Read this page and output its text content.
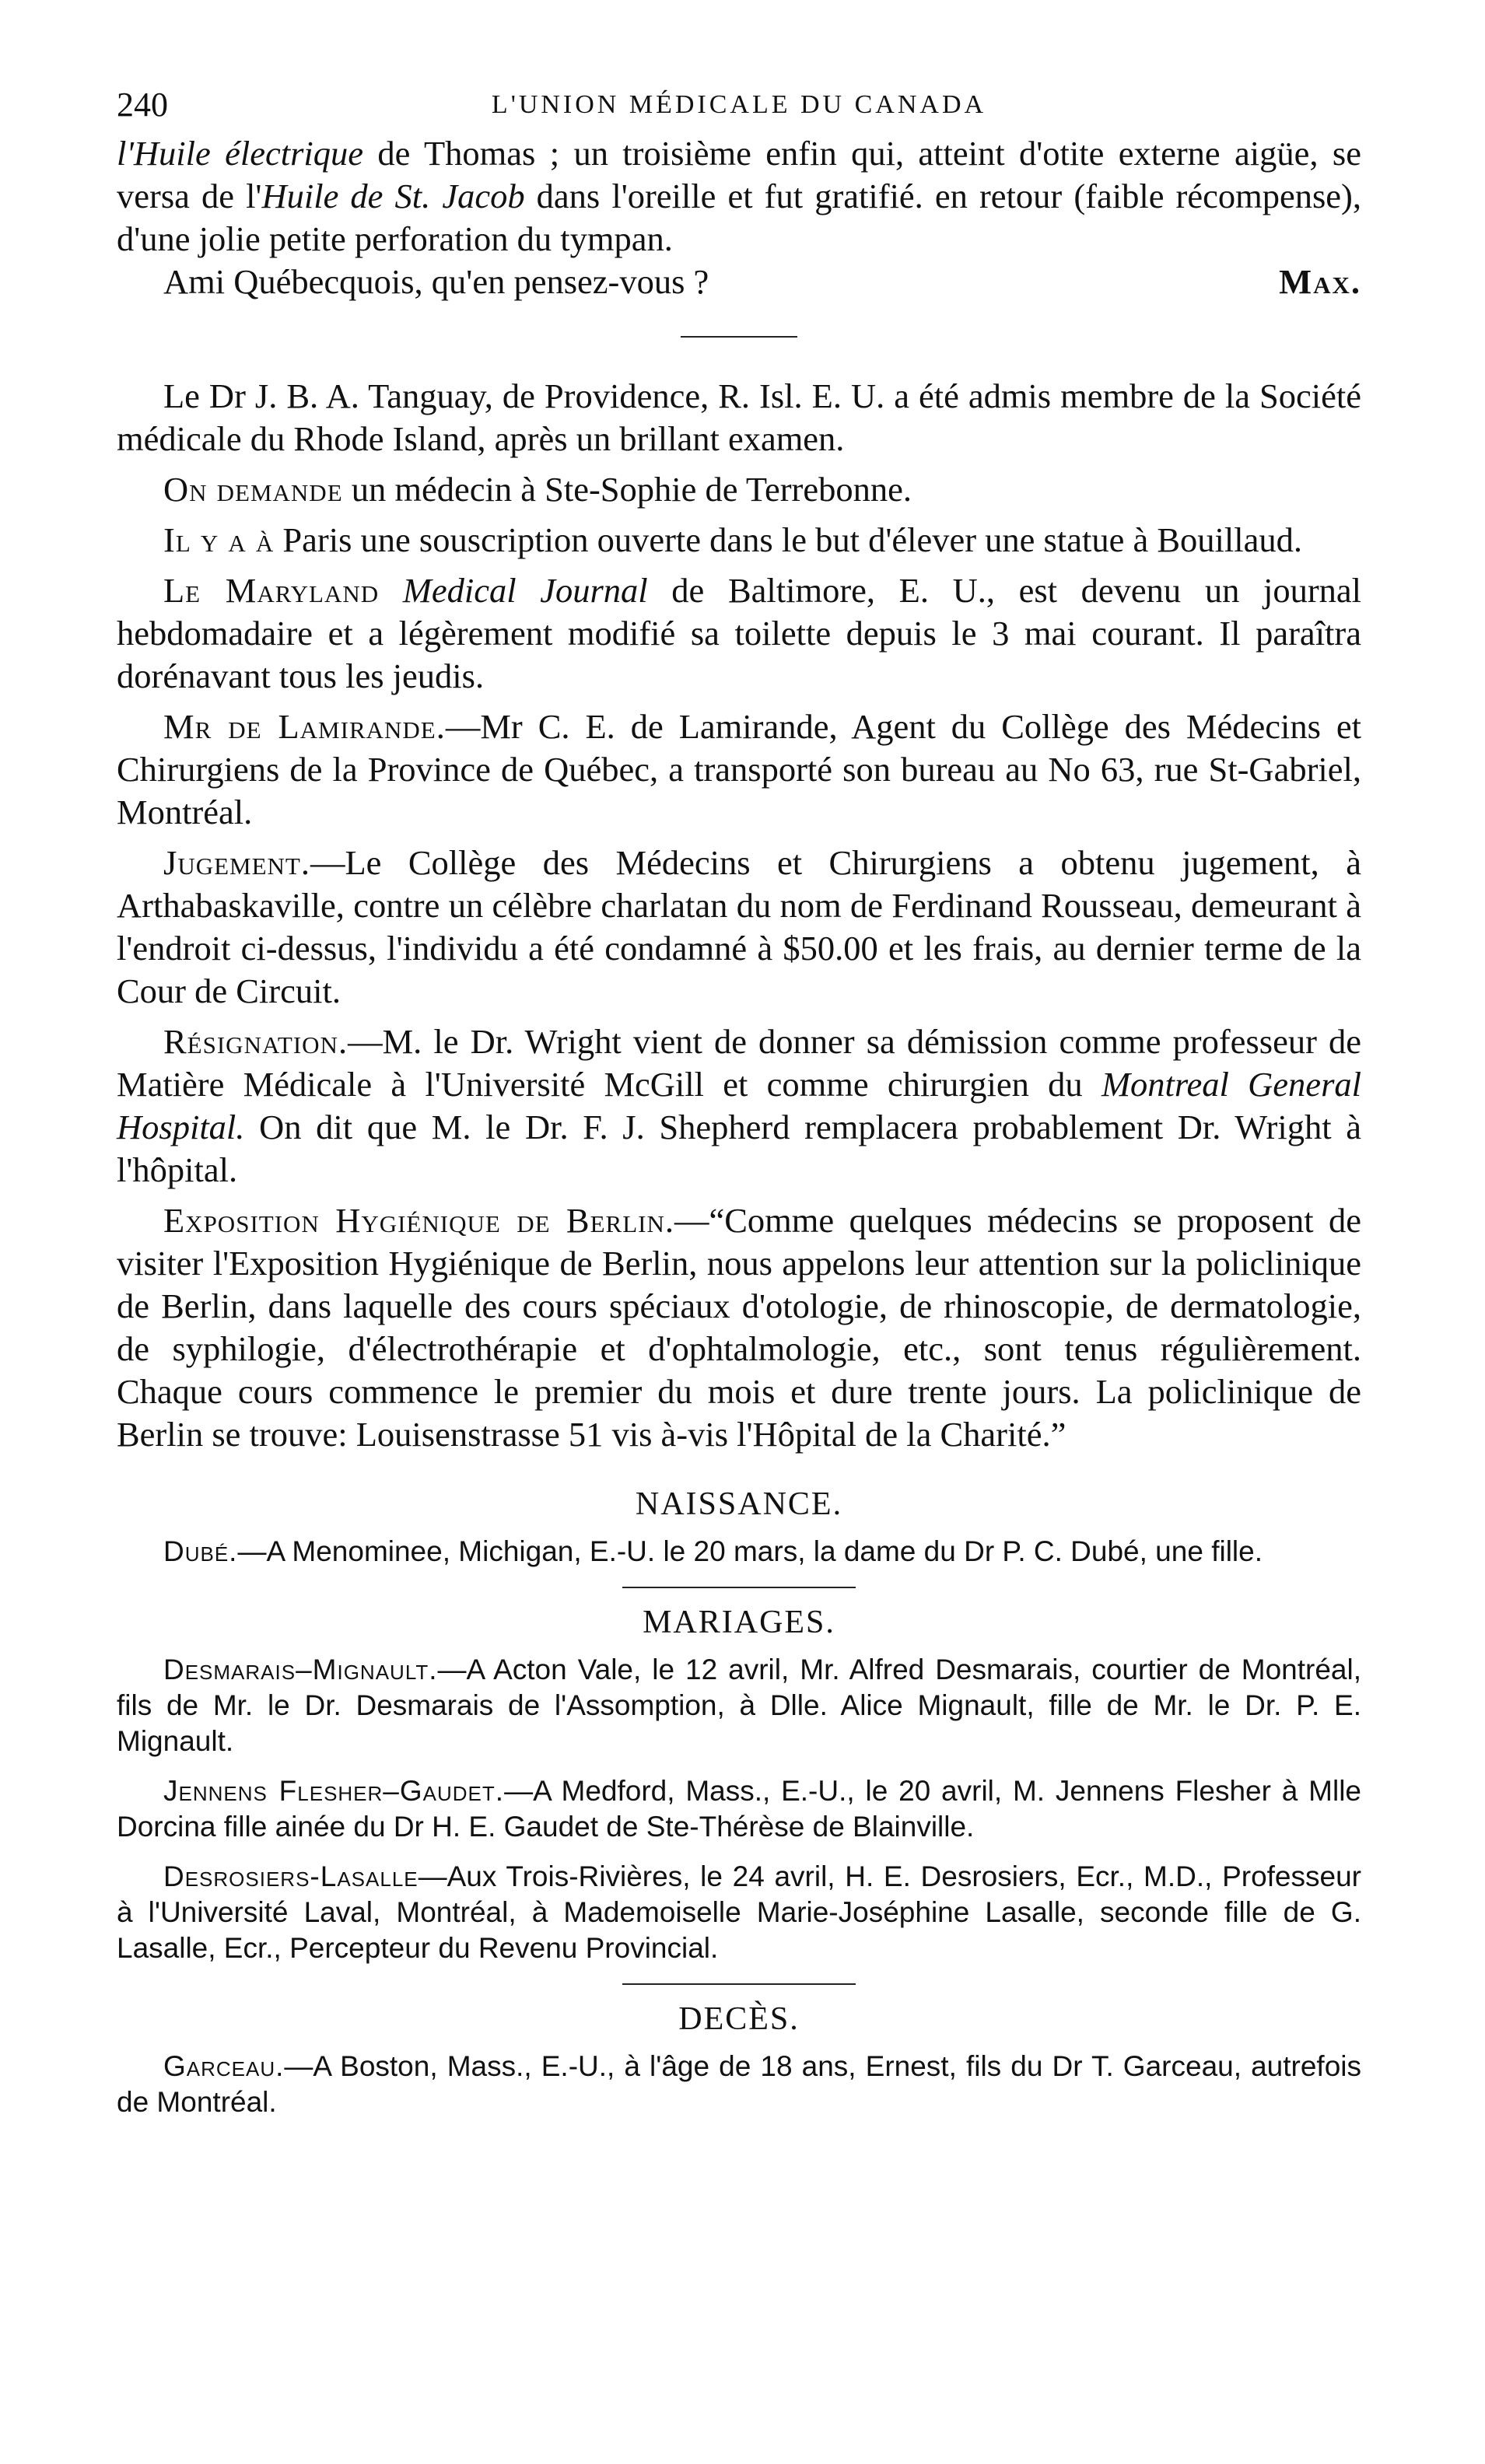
240	L'UNION MÉDICALE DU CANADA

l'Huile électrique de Thomas ; un troisième enfin qui, atteint d'otite externe aigüe, se versa de l'Huile de St. Jacob dans l'oreille et fut gratifié. en retour (faible récompense), d'une jolie petite perforation du tympan.

Ami Québecquois, qu'en pensez-vous ?	Max.

Le Dr J. B. A. Tanguay, de Providence, R. Isl. E. U. a été admis membre de la Société médicale du Rhode Island, après un brillant examen.

On demande un médecin à Ste-Sophie de Terrebonne.

Il y a à Paris une souscription ouverte dans le but d'élever une statue à Bouillaud.

Le Maryland Medical Journal de Baltimore, E. U., est devenu un journal hebdomadaire et a légèrement modifié sa toilette depuis le 3 mai courant. Il paraîtra dorénavant tous les jeudis.

Mr de Lamirande.—Mr C. E. de Lamirande, Agent du Collège des Médecins et Chirurgiens de la Province de Québec, a transporté son bureau au No 63, rue St-Gabriel, Montréal.

Jugement.—Le Collège des Médecins et Chirurgiens a obtenu jugement, à Arthabaskaville, contre un célèbre charlatan du nom de Ferdinand Rousseau, demeurant à l'endroit ci-dessus, l'individu a été condamné à $50.00 et les frais, au dernier terme de la Cour de Circuit.

Résignation.—M. le Dr. Wright vient de donner sa démission comme professeur de Matière Médicale à l'Université McGill et comme chirurgien du Montreal General Hospital. On dit que M. le Dr. F. J. Shepherd remplacera probablement Dr. Wright à l'hôpital.

Exposition Hygiénique de Berlin.—“Comme quelques médecins se proposent de visiter l'Exposition Hygiénique de Berlin, nous appelons leur attention sur la policlinique de Berlin, dans laquelle des cours spéciaux d'otologie, de rhinoscopie, de dermatologie, de syphilogie, d'électrothérapie et d'ophtalmologie, etc., sont tenus régulièrement. Chaque cours commence le premier du mois et dure trente jours. La policlinique de Berlin se trouve: Louisenstrasse 51 vis à-vis l'Hôpital de la Charité.”

NAISSANCE.

Dubé.—A Menominee, Michigan, E.-U. le 20 mars, la dame du Dr P. C. Dubé, une fille.

MARIAGES.

Desmarais–Mignault.—A Acton Vale, le 12 avril, Mr. Alfred Desmarais, courtier de Montréal, fils de Mr. le Dr. Desmarais de l'Assomption, à Dlle. Alice Mignault, fille de Mr. le Dr. P. E. Mignault.

Jennens Flesher–Gaudet.—A Medford, Mass., E.-U., le 20 avril, M. Jennens Flesher à Mlle Dorcina fille ainée du Dr H. E. Gaudet de Ste-Thérèse de Blainville.

Desrosiers-Lasalle—Aux Trois-Rivières, le 24 avril, H. E. Desrosiers, Ecr., M.D., Professeur à l'Université Laval, Montréal, à Mademoiselle Marie-Joséphine Lasalle, seconde fille de G. Lasalle, Ecr., Percepteur du Revenu Provincial.

DECÈS.

Garceau.—A Boston, Mass., E.-U., à l'âge de 18 ans, Ernest, fils du Dr T. Garceau, autrefois de Montréal.
